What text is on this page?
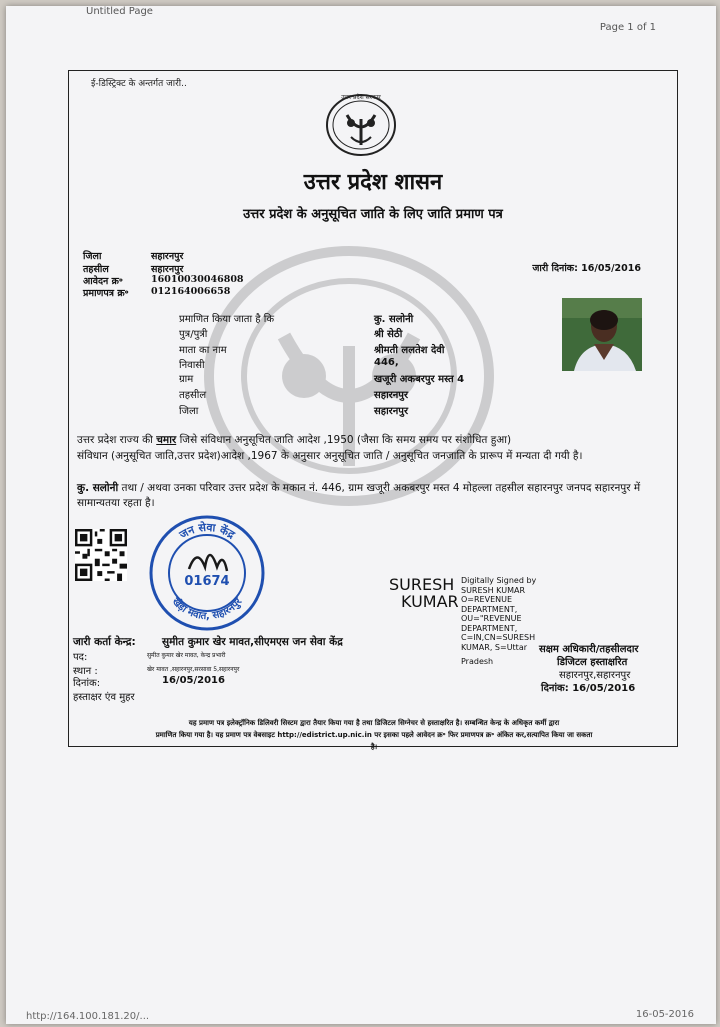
Untitled Page
Page 1 of 1
ई-डिस्ट्रिक्ट के अन्तर्गत जारी..
उत्तर प्रदेश सरकार
उत्तर प्रदेश शासन
उत्तर प्रदेश के अनुसूचित जाति के लिए जाति प्रमाण पत्र
जिला	सहारनपुर
तहसील	सहारनपुर
आवेदन क्र॰	16010030046808
प्रमाणपत्र क्र॰ 012164006658
जारी दिनांक: 16/05/2016
प्रमाणित किया जाता है कि	कु. सलोनी
पुत्र/पुत्री	श्री सेठी
माता का नाम	श्रीमती ललतेश देवी
निवासी	446,
ग्राम	खजूरी अकबरपुर मस्त 4
तहसील	सहारनपुर
जिला	सहारनपुर
उत्तर प्रदेश राज्य की चमार जिसे संविधान अनुसूचित जाति आदेश ,1950 (जैसा कि समय समय पर संशोधित हुआ)
संविधान (अनुसूचित जाति,उत्तर प्रदेश)आदेश ,1967 के अनुसार अनुसूचित जाति / अनुसूचित जनजाति के प्रारूप में मन्यता दी गयी है।
कु. सलोनी तथा / अथवा उनका परिवार उत्तर प्रदेश के मकान नं. 446, ग्राम खजूरी अकबरपुर मस्त 4 मोहल्ला तहसील सहारनपुर जनपद सहारनपुर में सामान्यतया रहता है।
जन सेवा केंद्र
खेड़ा मंवात, सहारनपुर
01674	SURESH
KUMAR
Digitally Signed by
SURESH KUMAR
O=REVENUE
DEPARTMENT,
OU="REVENUE
DEPARTMENT,
C=IN,CN=SURESH
KUMAR, S=Uttar
Pradesh
जारी कर्ता केन्द्र:	सुमीत कुमार खेर मावत,सीएमएस जन सेवा केंद्र
पद:	सुमीत कुमार खेर मावत, केन्द्र प्रभारी
स्थान :	खेर मावत ,सहारनपुर,सरसावा 5,सहारनपुर
दिनांक:	16/05/2016
हस्ताक्षर एंव मुहर
सक्षम अधिकारी/तहसीलदार
डिजिटल हस्ताक्षरित
सहारनपुर,सहारनपुर
दिनांक: 16/05/2016
यह प्रमाण पत्र इलेक्ट्रॉनिक डिलिवरी सिस्टम द्वारा तैयार किया गया है तथा डिजिटल सिग्नेचर से हस्ताक्षरित है। सम्बन्धित केन्द्र के अधिकृत कर्मी द्वारा
प्रमाणित किया गया है। यह प्रमाण पत्र वेबसाइट http://edistrict.up.nic.in पर इसका पहले आवेदन क्र॰ फिर प्रमाणपत्र क्र॰ अंकित कर,सत्यापित किया जा सकता
है।
http://164.100.181.20/...	16-05-2016
